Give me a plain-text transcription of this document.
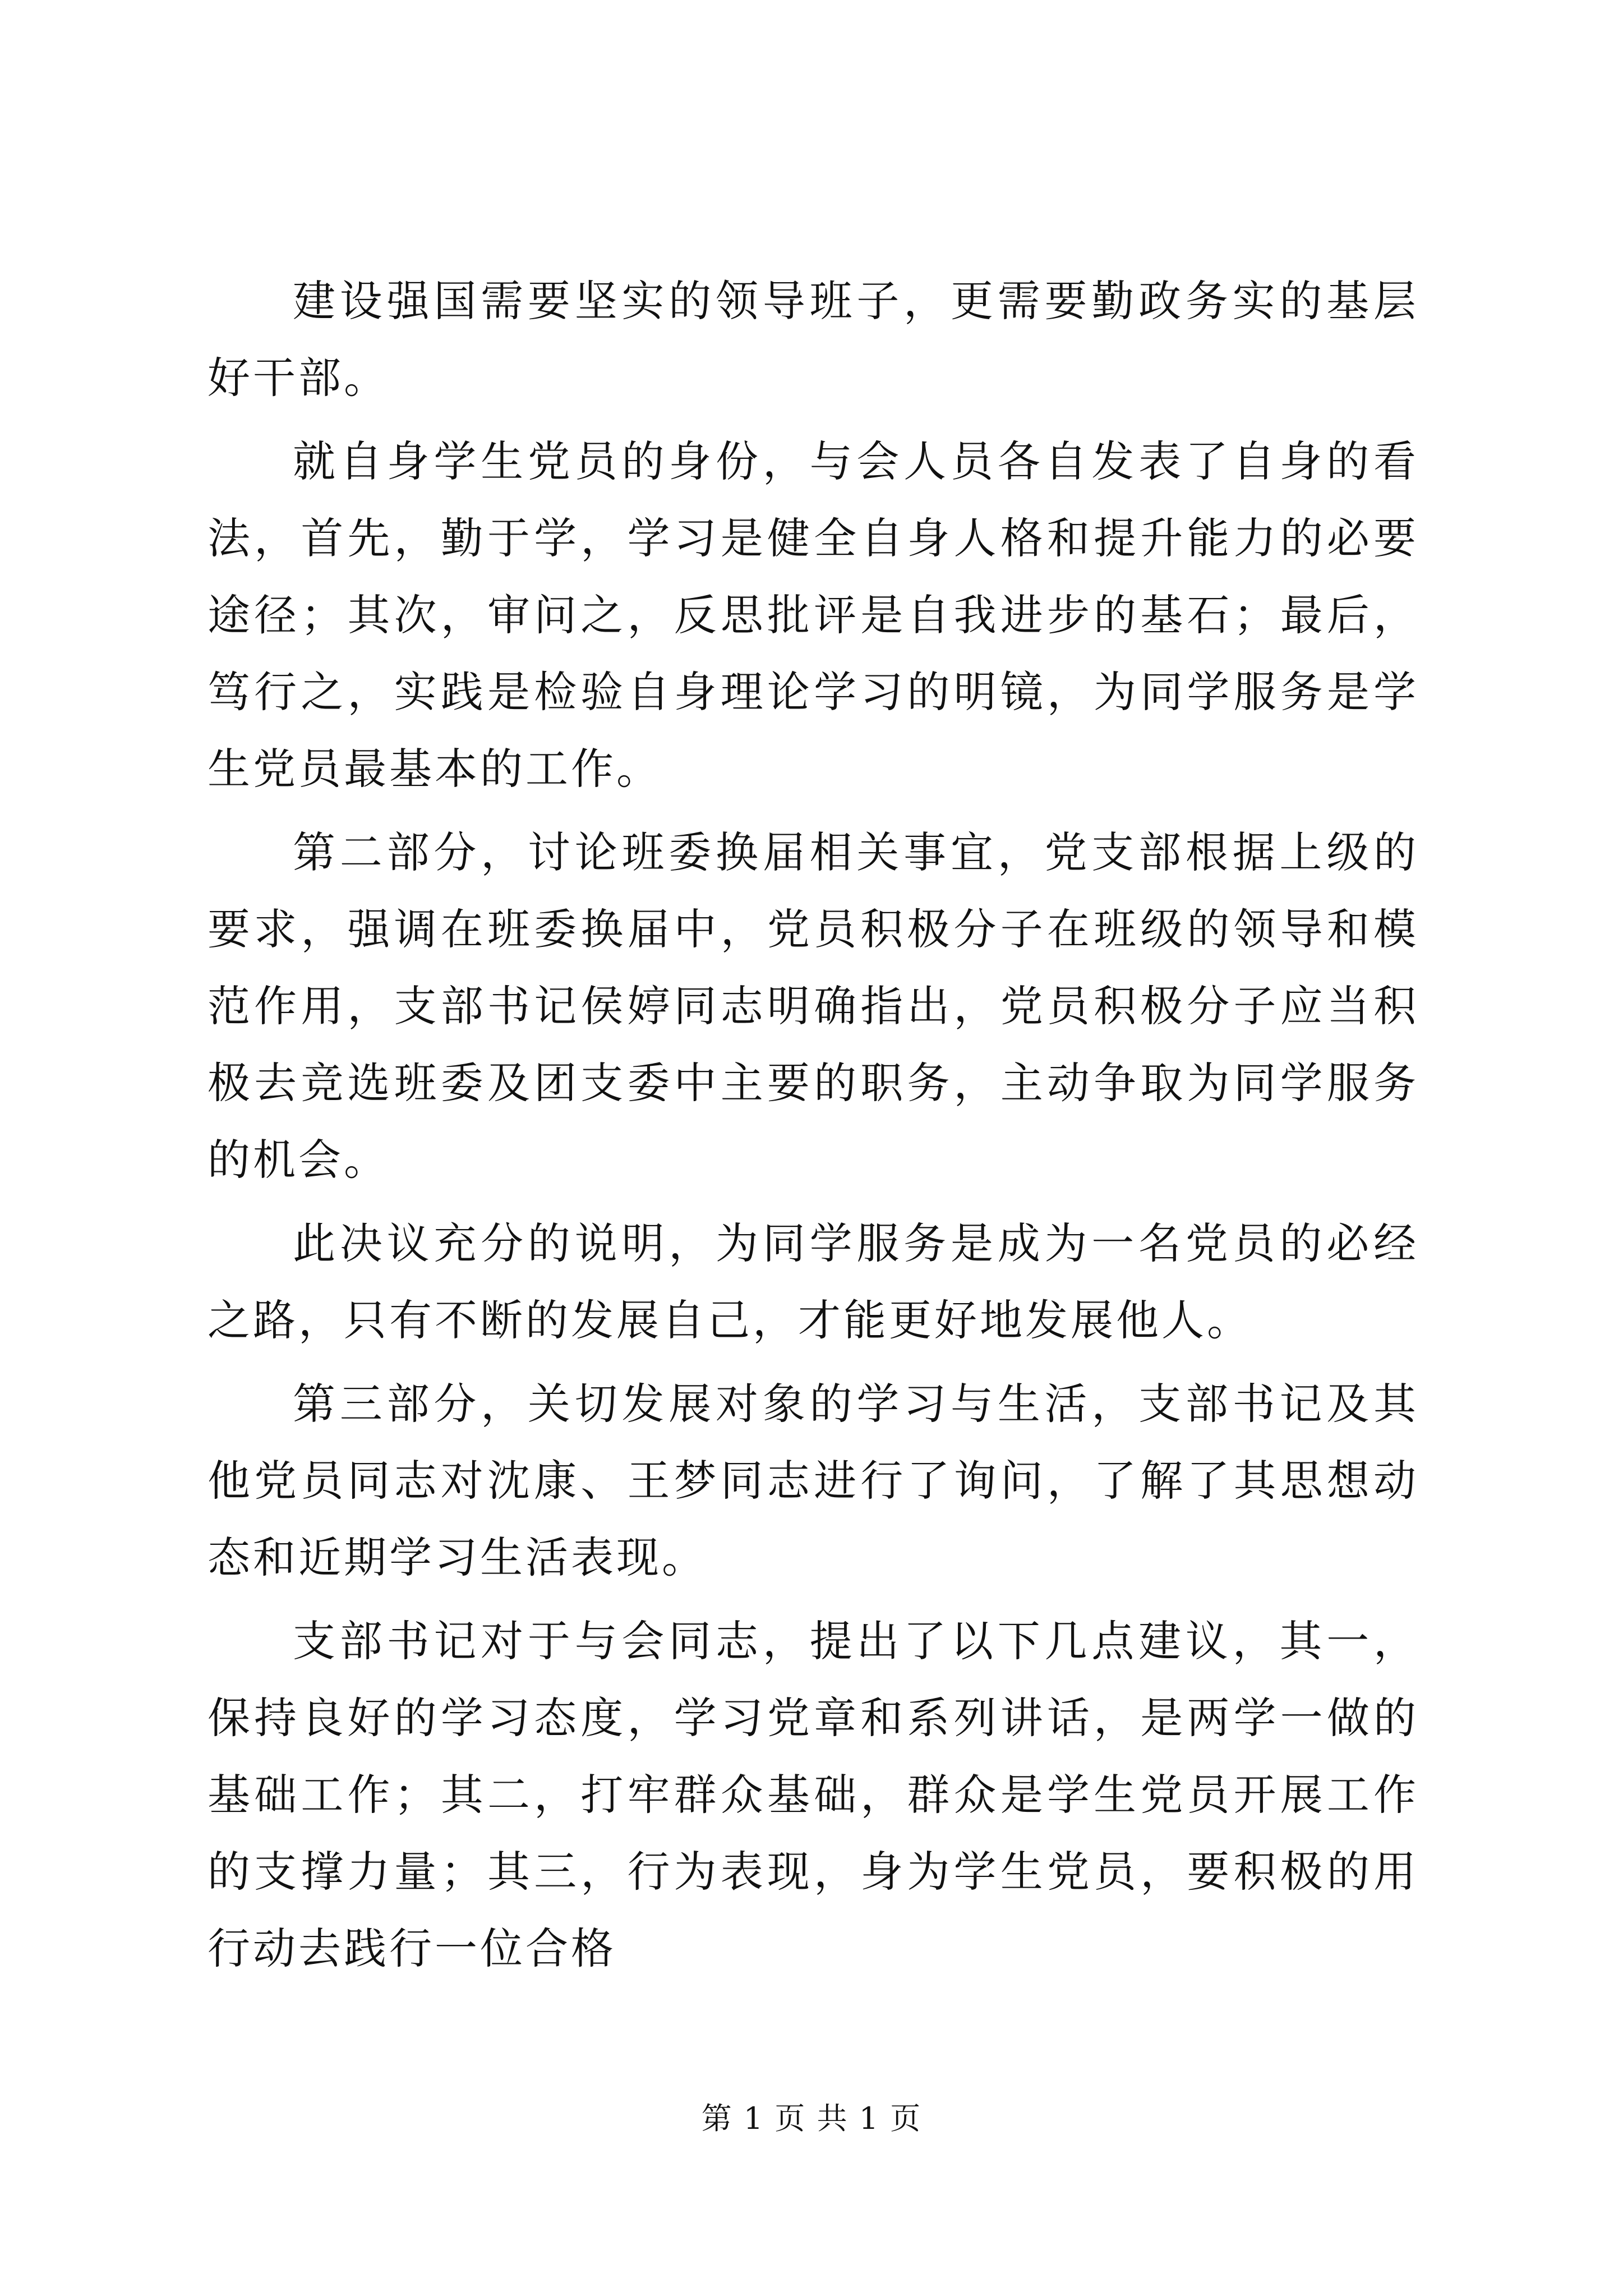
建设强国需要坚实的领导班子，更需要勤政务实的基层好干部。

就自身学生党员的身份，与会人员各自发表了自身的看法，首先，勤于学，学习是健全自身人格和提升能力的必要途径；其次，审问之，反思批评是自我进步的基石；最后，笃行之，实践是检验自身理论学习的明镜，为同学服务是学生党员最基本的工作。

第二部分，讨论班委换届相关事宜，党支部根据上级的要求，强调在班委换届中，党员积极分子在班级的领导和模范作用，支部书记侯婷同志明确指出，党员积极分子应当积极去竞选班委及团支委中主要的职务，主动争取为同学服务的机会。

此决议充分的说明，为同学服务是成为一名党员的必经之路，只有不断的发展自己，才能更好地发展他人。

第三部分，关切发展对象的学习与生活，支部书记及其他党员同志对沈康、王梦同志进行了询问，了解了其思想动态和近期学习生活表现。

支部书记对于与会同志，提出了以下几点建议，其一，保持良好的学习态度，学习党章和系列讲话，是两学一做的基础工作；其二，打牢群众基础，群众是学生党员开展工作的支撑力量；其三，行为表现，身为学生党员，要积极的用行动去践行一位合格

第 1 页 共 1 页
